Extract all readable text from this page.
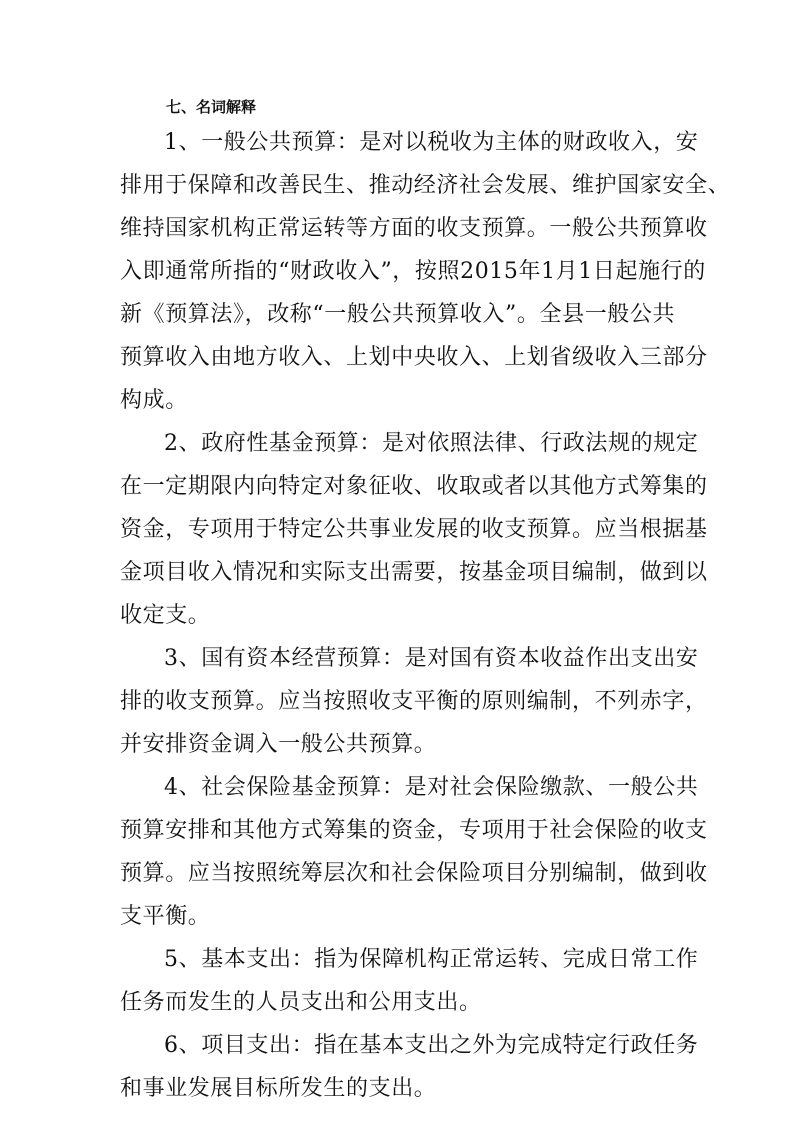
七、名词解释
1、一般公共预算：是对以税收为主体的财政收入，安
排用于保障和改善民生、推动经济社会发展、维护国家安全、
维持国家机构正常运转等方面的收支预算。一般公共预算收
入即通常所指的“财政收入”，按照2015年1月1日起施行的
新《预算法》，改称“一般公共预算收入”。全县一般公共
预算收入由地方收入、上划中央收入、上划省级收入三部分
构成。
2、政府性基金预算：是对依照法律、行政法规的规定
在一定期限内向特定对象征收、收取或者以其他方式筹集的
资金，专项用于特定公共事业发展的收支预算。应当根据基
金项目收入情况和实际支出需要，按基金项目编制，做到以
收定支。
3、国有资本经营预算：是对国有资本收益作出支出安
排的收支预算。应当按照收支平衡的原则编制，不列赤字，
并安排资金调入一般公共预算。
4、社会保险基金预算：是对社会保险缴款、一般公共
预算安排和其他方式筹集的资金，专项用于社会保险的收支
预算。应当按照统筹层次和社会保险项目分别编制，做到收
支平衡。
5、基本支出：指为保障机构正常运转、完成日常工作
任务而发生的人员支出和公用支出。
6、项目支出：指在基本支出之外为完成特定行政任务
和事业发展目标所发生的支出。
